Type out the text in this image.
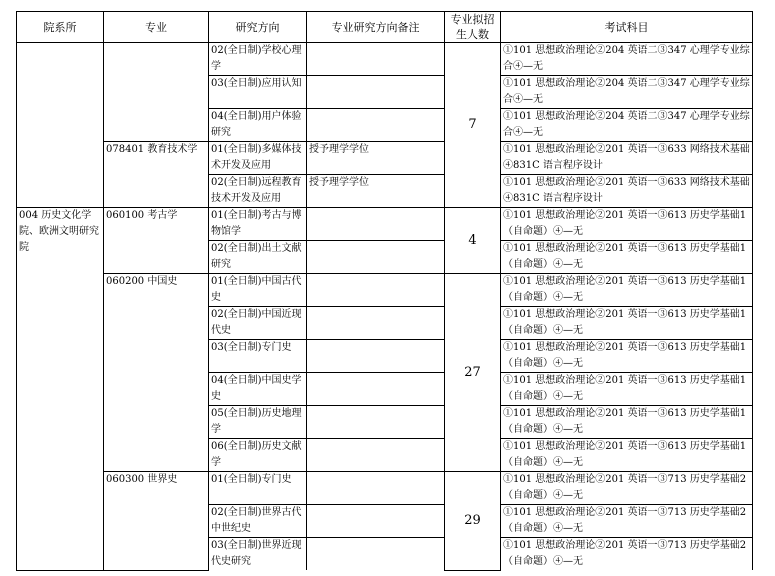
院系所	专业	研究方向	专业研究方向备注	专业拟招
生人数	考试科目
		02(全日制)学校心理学		7	①101 思想政治理论②204 英语二③347 心理学专业综合④—无
		03(全日制)应用认知			①101 思想政治理论②204 英语二③347 心理学专业综合④—无
		04(全日制)用户体验研究			①101 思想政治理论②204 英语二③347 心理学专业综合④—无
	078401 教育技术学	01(全日制)多媒体技术开发及应用	授予理学学位		①101 思想政治理论②201 英语一③633 网络技术基础④831C 语言程序设计
		02(全日制)远程教育技术开发及应用	授予理学学位		①101 思想政治理论②201 英语一③633 网络技术基础④831C 语言程序设计
004 历史文化学院、欧洲文明研究院	060100 考古学	01(全日制)考古与博物馆学		4	①101 思想政治理论②201 英语一③613 历史学基础1（自命题）④—无
		02(全日制)出土文献研究			①101 思想政治理论②201 英语一③613 历史学基础1（自命题）④—无
	060200 中国史	01(全日制)中国古代史		27	①101 思想政治理论②201 英语一③613 历史学基础1（自命题）④—无
		02(全日制)中国近现代史			①101 思想政治理论②201 英语一③613 历史学基础1（自命题）④—无
		03(全日制)专门史			①101 思想政治理论②201 英语一③613 历史学基础1（自命题）④—无
		04(全日制)中国史学史			①101 思想政治理论②201 英语一③613 历史学基础1（自命题）④—无
		05(全日制)历史地理学			①101 思想政治理论②201 英语一③613 历史学基础1（自命题）④—无
		06(全日制)历史文献学			①101 思想政治理论②201 英语一③613 历史学基础1（自命题）④—无
	060300 世界史	01(全日制)专门史		29	①101 思想政治理论②201 英语一③713 历史学基础2（自命题）④—无
		02(全日制)世界古代中世纪史			①101 思想政治理论②201 英语一③713 历史学基础2（自命题）④—无
		03(全日制)世界近现代史研究			①101 思想政治理论②201 英语一③713 历史学基础2（自命题）④—无
